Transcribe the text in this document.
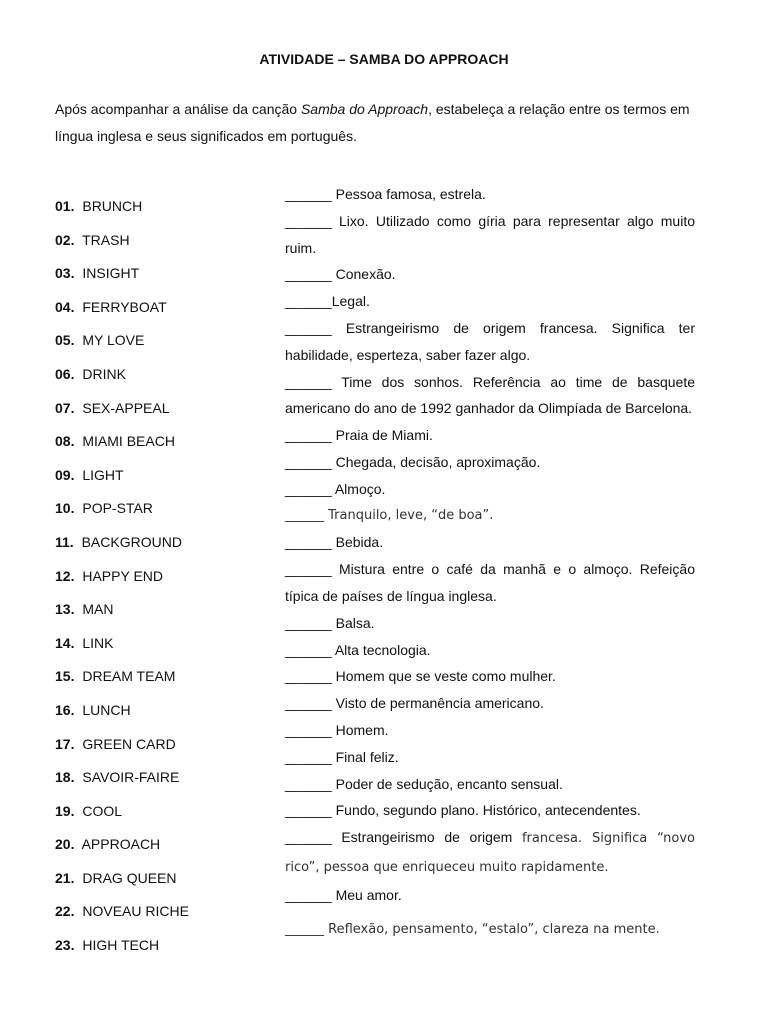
ATIVIDADE – SAMBA DO APPROACH

Após acompanhar a análise da canção Samba do Approach, estabeleça a relação entre os termos em língua inglesa e seus significados em português.

01. BRUNCH
02. TRASH
03. INSIGHT
04. FERRYBOAT
05. MY LOVE
06. DRINK
07. SEX-APPEAL
08. MIAMI BEACH
09. LIGHT
10. POP-STAR
11. BACKGROUND
12. HAPPY END
13. MAN
14. LINK
15. DREAM TEAM
16. LUNCH
17. GREEN CARD
18. SAVOIR-FAIRE
19. COOL
20. APPROACH
21. DRAG QUEEN
22. NOVEAU RICHE
23. HIGH TECH
______ Pessoa famosa, estrela.
______ Lixo. Utilizado como gíria para representar algo muito ruim.
______ Conexão.
______Legal.
______ Estrangeirismo de origem francesa. Significa ter habilidade, esperteza, saber fazer algo.
______ Time dos sonhos. Referência ao time de basquete americano do ano de 1992 ganhador da Olimpíada de Barcelona.
______ Praia de Miami.
______ Chegada, decisão, aproximação.
______ Almoço.
______ Tranquilo, leve, “de boa”.
______ Bebida.
______ Mistura entre o café da manhã e o almoço. Refeição típica de países de língua inglesa.
______ Balsa.
______ Alta tecnologia.
______ Homem que se veste como mulher.
______ Visto de permanência americano.
______ Homem.
______ Final feliz.
______ Poder de sedução, encanto sensual.
______ Fundo, segundo plano. Histórico, antecendentes.
______ Estrangeirismo de origem francesa. Significa “novo rico”, pessoa que enriqueceu muito rapidamente.
______ Meu amor.
______ Reflexão, pensamento, “estalo”, clareza na mente.
